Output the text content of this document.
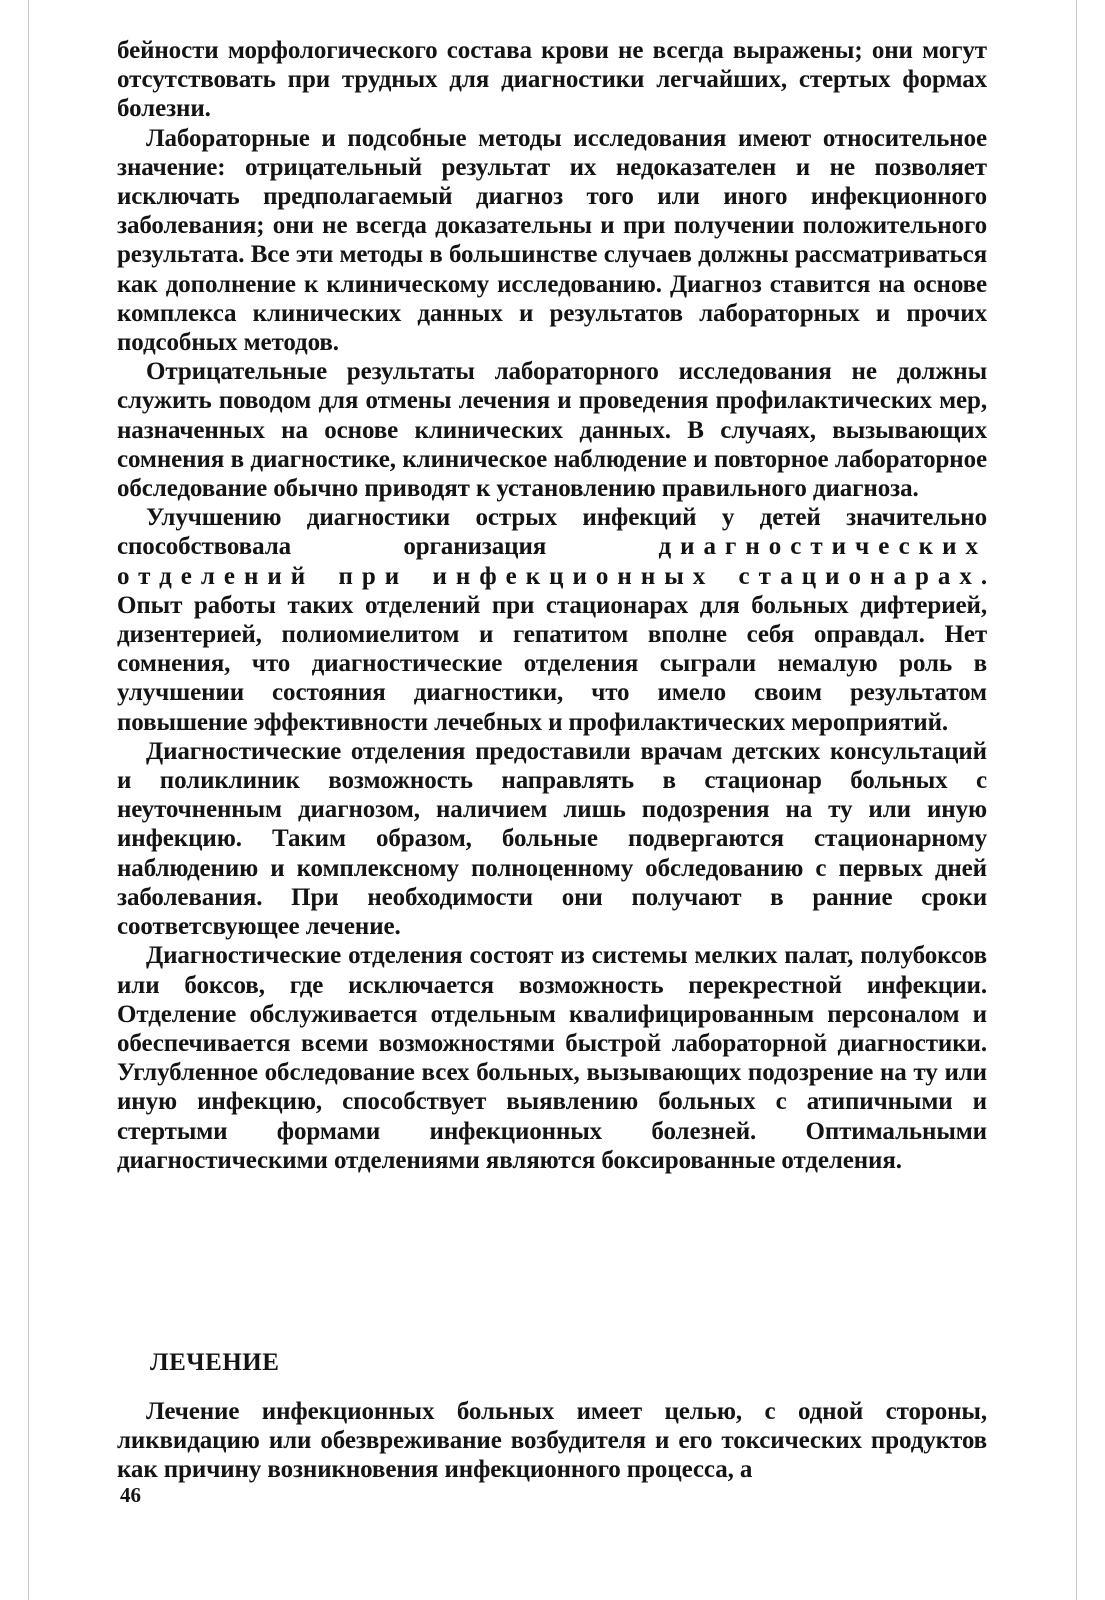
бейности морфологического состава крови не всегда выражены; они могут отсутствовать при трудных для диагностики легчайших, стертых формах болезни.

Лабораторные и подсобные методы исследования имеют относительное значение: отрицательный результат их недоказателен и не позволяет исключать предполагаемый диагноз того или иного инфекционного заболевания; они не всегда доказательны и при получении положительного результата. Все эти методы в большинстве случаев должны рассматриваться как дополнение к клиническому исследованию. Диагноз ставится на основе комплекса клинических данных и результатов лабораторных и прочих подсобных методов.

Отрицательные результаты лабораторного исследования не должны служить поводом для отмены лечения и проведения профилактических мер, назначенных на основе клинических данных. В случаях, вызывающих сомнения в диагностике, клиническое наблюдение и повторное лабораторное обследование обычно приводят к установлению правильного диагноза.

Улучшению диагностики острых инфекций у детей значительно способствовала организация диагностических отделений при инфекционных стационарах. Опыт работы таких отделений при стационарах для больных дифтерией, дизентерией, полиомиелитом и гепатитом вполне себя оправдал. Нет сомнения, что диагностические отделения сыграли немалую роль в улучшении состояния диагностики, что имело своим результатом повышение эффективности лечебных и профилактических мероприятий.

Диагностические отделения предоставили врачам детских консультаций и поликлиник возможность направлять в стационар больных с неуточненным диагнозом, наличием лишь подозрения на ту или иную инфекцию. Таким образом, больные подвергаются стационарному наблюдению и комплексному полноценному обследованию с первых дней заболевания. При необходимости они получают в ранние сроки соответсвующее лечение.

Диагностические отделения состоят из системы мелких палат, полубоксов или боксов, где исключается возможность перекрестной инфекции. Отделение обслуживается отдельным квалифицированным персоналом и обеспечивается всеми возможностями быстрой лабораторной диагностики. Углубленное обследование всех больных, вызывающих подозрение на ту или иную инфекцию, способствует выявлению больных с атипичными и стертыми формами инфекционных болезней. Оптимальными диагностическими отделениями являются боксированные отделения.

ЛЕЧЕНИЕ

Лечение инфекционных больных имеет целью, с одной стороны, ликвидацию или обезвреживание возбудителя и его токсических продуктов как причину возникновения инфекционного процесса, а

46
